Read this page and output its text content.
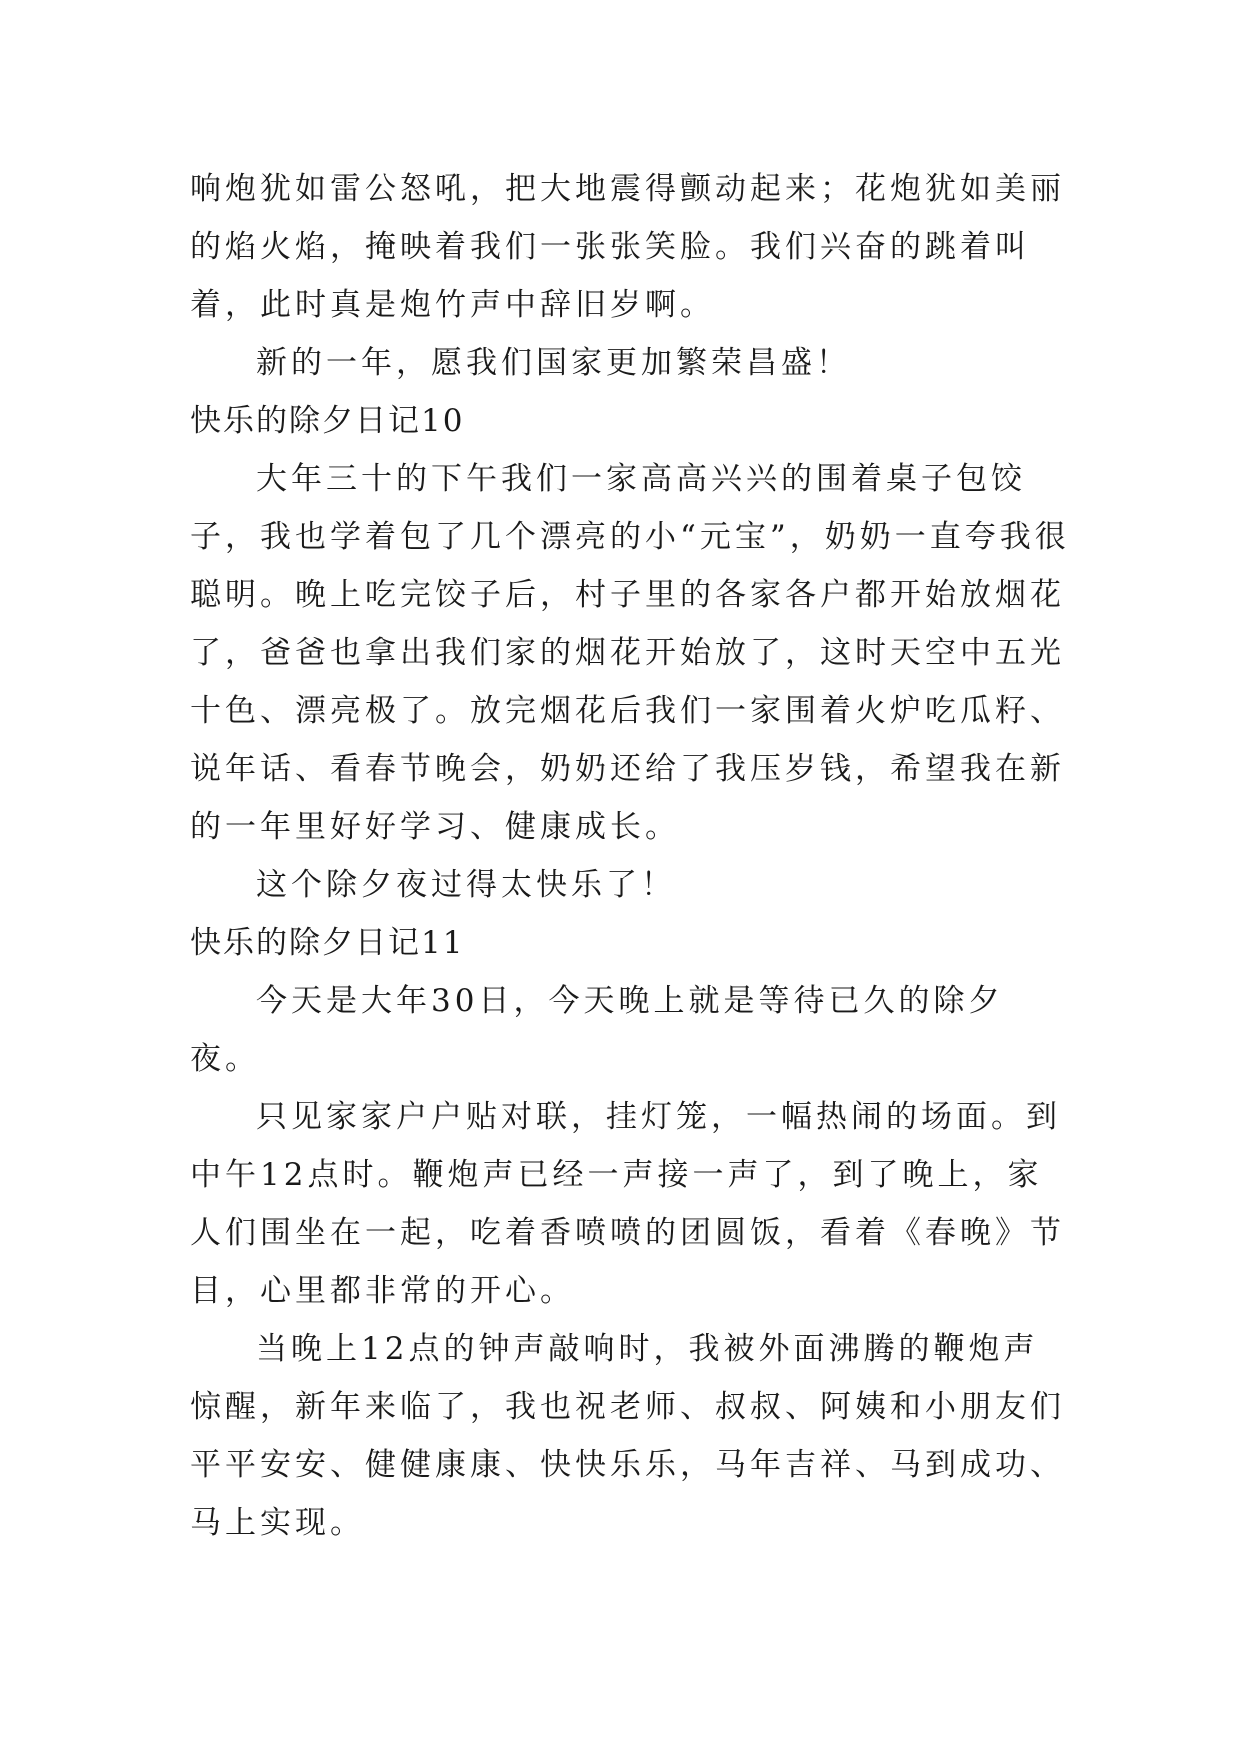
响炮犹如雷公怒吼，把大地震得颤动起来；花炮犹如美丽的焰火焰，掩映着我们一张张笑脸。我们兴奋的跳着叫着，此时真是炮竹声中辞旧岁啊。

新的一年，愿我们国家更加繁荣昌盛！

快乐的除夕日记10

大年三十的下午我们一家高高兴兴的围着桌子包饺子，我也学着包了几个漂亮的小“元宝”，奶奶一直夸我很聪明。晚上吃完饺子后，村子里的各家各户都开始放烟花了，爸爸也拿出我们家的烟花开始放了，这时天空中五光十色、漂亮极了。放完烟花后我们一家围着火炉吃瓜籽、说年话、看春节晚会，奶奶还给了我压岁钱，希望我在新的一年里好好学习、健康成长。

这个除夕夜过得太快乐了！

快乐的除夕日记11

今天是大年30日，今天晚上就是等待已久的除夕夜。

只见家家户户贴对联，挂灯笼，一幅热闹的场面。到中午12点时。鞭炮声已经一声接一声了，到了晚上，家人们围坐在一起，吃着香喷喷的团圆饭，看着《春晚》节目，心里都非常的开心。

当晚上12点的钟声敲响时，我被外面沸腾的鞭炮声惊醒，新年来临了，我也祝老师、叔叔、阿姨和小朋友们平平安安、健健康康、快快乐乐，马年吉祥、马到成功、马上实现。
